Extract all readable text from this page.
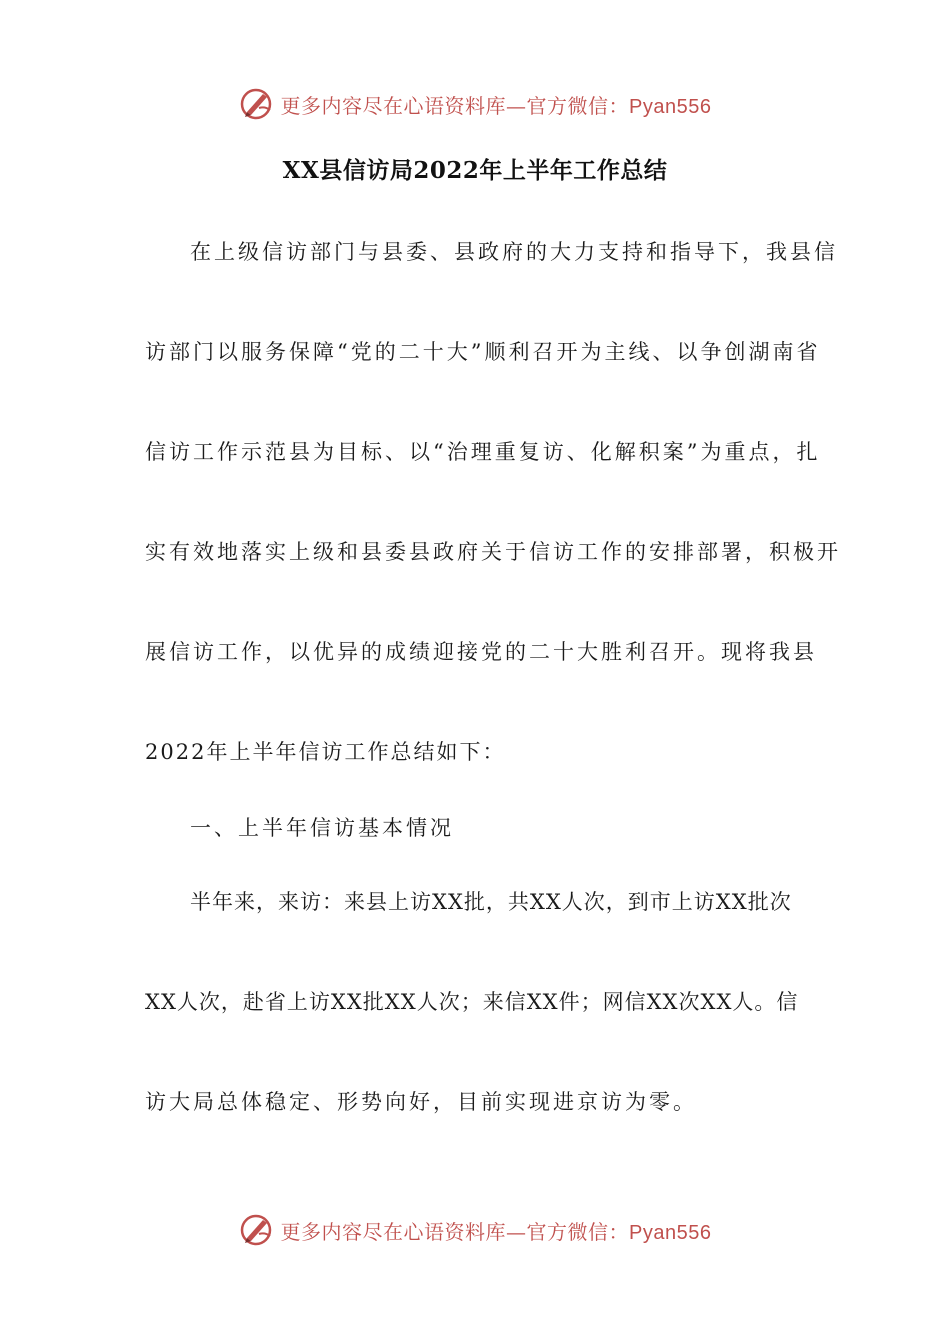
更多内容尽在心语资料库—官方微信：Pyan556
XX县信访局2022年上半年工作总结
在上级信访部门与县委、县政府的大力支持和指导下，我县信
访部门以服务保障“党的二十大”顺利召开为主线、以争创湖南省
信访工作示范县为目标、以“治理重复访、化解积案”为重点，扎
实有效地落实上级和县委县政府关于信访工作的安排部署，积极开
展信访工作，以优异的成绩迎接党的二十大胜利召开。现将我县
2022年上半年信访工作总结如下：
一、上半年信访基本情况
半年来，来访：来县上访XX批，共XX人次，到市上访XX批次
XX人次，赴省上访XX批XX人次；来信XX件；网信XX次XX人。信
访大局总体稳定、形势向好，目前实现进京访为零。
更多内容尽在心语资料库—官方微信：Pyan556
